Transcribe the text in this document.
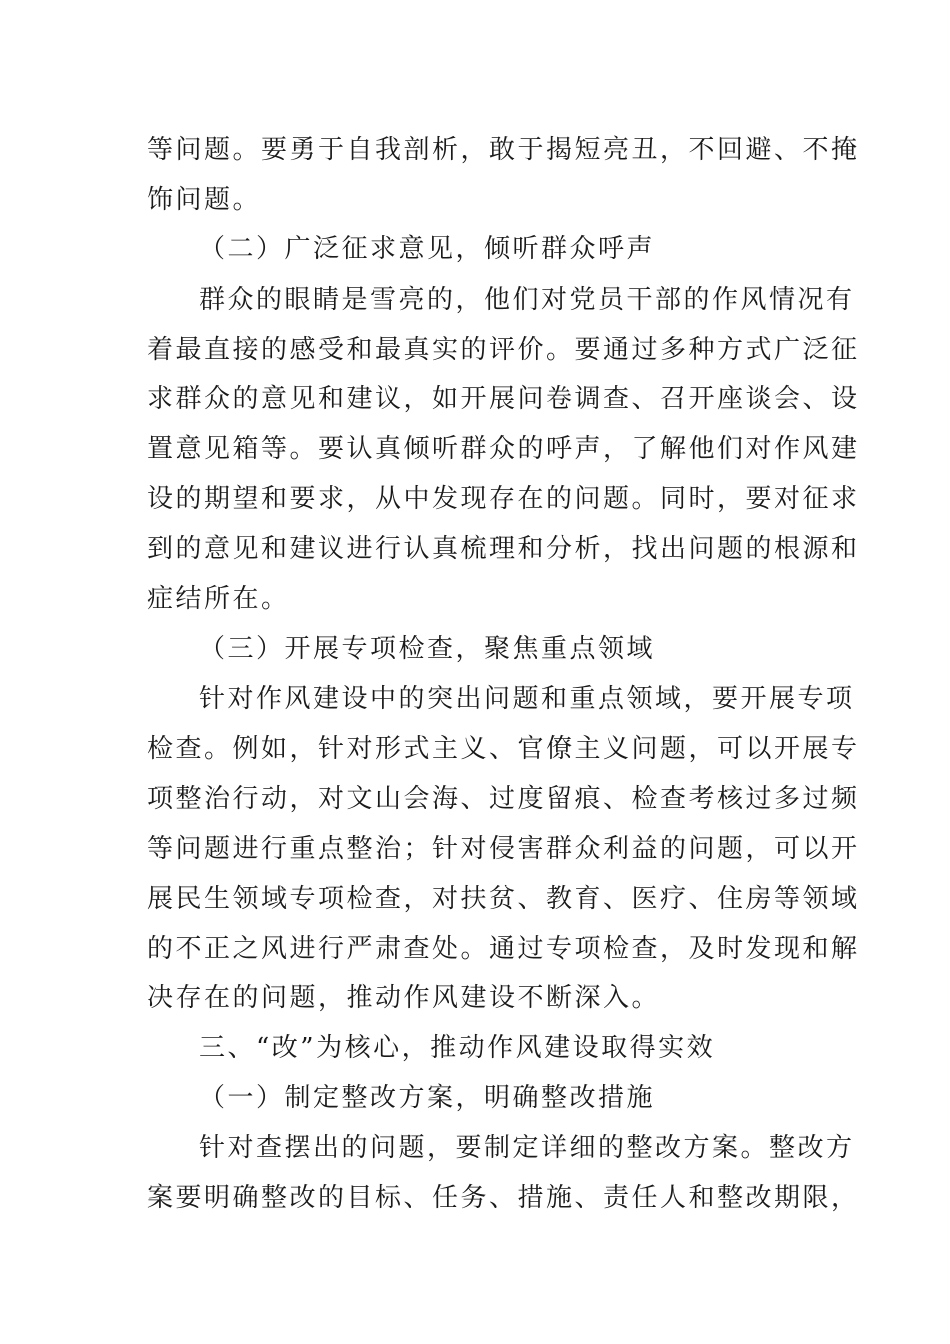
等问题。要勇于自我剖析，敢于揭短亮丑，不回避、不掩
饰问题。
（二）广泛征求意见，倾听群众呼声
群众的眼睛是雪亮的，他们对党员干部的作风情况有
着最直接的感受和最真实的评价。要通过多种方式广泛征
求群众的意见和建议，如开展问卷调查、召开座谈会、设
置意见箱等。要认真倾听群众的呼声，了解他们对作风建
设的期望和要求，从中发现存在的问题。同时，要对征求
到的意见和建议进行认真梳理和分析，找出问题的根源和
症结所在。
（三）开展专项检查，聚焦重点领域
针对作风建设中的突出问题和重点领域，要开展专项
检查。例如，针对形式主义、官僚主义问题，可以开展专
项整治行动，对文山会海、过度留痕、检查考核过多过频
等问题进行重点整治；针对侵害群众利益的问题，可以开
展民生领域专项检查，对扶贫、教育、医疗、住房等领域
的不正之风进行严肃查处。通过专项检查，及时发现和解
决存在的问题，推动作风建设不断深入。
三、“改”为核心，推动作风建设取得实效
（一）制定整改方案，明确整改措施
针对查摆出的问题，要制定详细的整改方案。整改方
案要明确整改的目标、任务、措施、责任人和整改期限，
